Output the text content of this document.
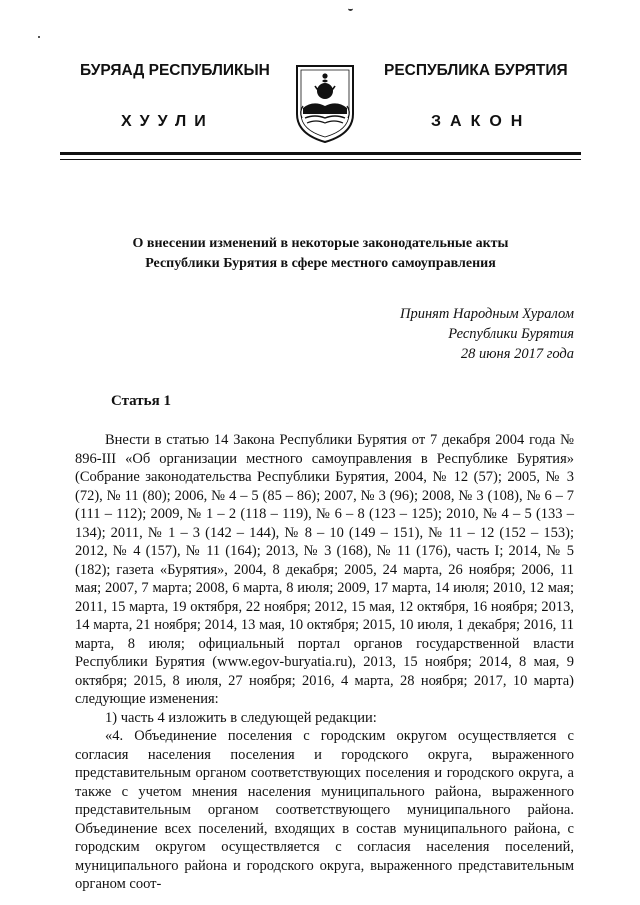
БУРЯАД РЕСПУБЛИКЫН	РЕСПУБЛИКА БУРЯТИЯ
ХУУЛИ	ЗАКОН
О внесении изменений в некоторые законодательные акты
Республики Бурятия в сфере местного самоуправления
Принят Народным Хуралом
Республики Бурятия
28 июня 2017 года
Статья 1

Внести в статью 14 Закона Республики Бурятия от 7 декабря 2004 года № 896-III «Об организации местного самоуправления в Республике Бурятия» (Собрание законодательства Республики Бурятия, 2004, № 12 (57); 2005, № 3 (72), № 11 (80); 2006, № 4 – 5 (85 – 86); 2007, № 3 (96); 2008, № 3 (108), № 6 – 7 (111 – 112); 2009, № 1 – 2 (118 – 119), № 6 – 8 (123 – 125); 2010, № 4 – 5 (133 – 134); 2011, № 1 – 3 (142 – 144), № 8 – 10 (149 – 151), № 11 – 12 (152 – 153); 2012, № 4 (157), № 11 (164); 2013, № 3 (168), № 11 (176), часть I; 2014, № 5 (182); газета «Бурятия», 2004, 8 декабря; 2005, 24 марта, 26 ноября; 2006, 11 мая; 2007, 7 марта; 2008, 6 марта, 8 июля; 2009, 17 марта, 14 июля; 2010, 12 мая; 2011, 15 марта, 19 октября, 22 ноября; 2012, 15 мая, 12 октября, 16 ноября; 2013, 14 марта, 21 ноября; 2014, 13 мая, 10 октября; 2015, 10 июля, 1 декабря; 2016, 11 марта, 8 июля; официальный портал органов государственной власти Республики Бурятия (www.egov-buryatia.ru), 2013, 15 ноября; 2014, 8 мая, 9 октября; 2015, 8 июля, 27 ноября; 2016, 4 марта, 28 ноября; 2017, 10 марта) следующие изменения:

1) часть 4 изложить в следующей редакции:

«4. Объединение поселения с городским округом осуществляется с согласия населения поселения и городского округа, выраженного представительным органом соответствующих поселения и городского округа, а также с учетом мнения населения муниципального района, выраженного представительным органом соответствующего муниципального района. Объединение всех поселений, входящих в состав муниципального района, с городским округом осуществляется с согласия населения поселений, муниципального района и городского округа, выраженного представительным органом соот-
